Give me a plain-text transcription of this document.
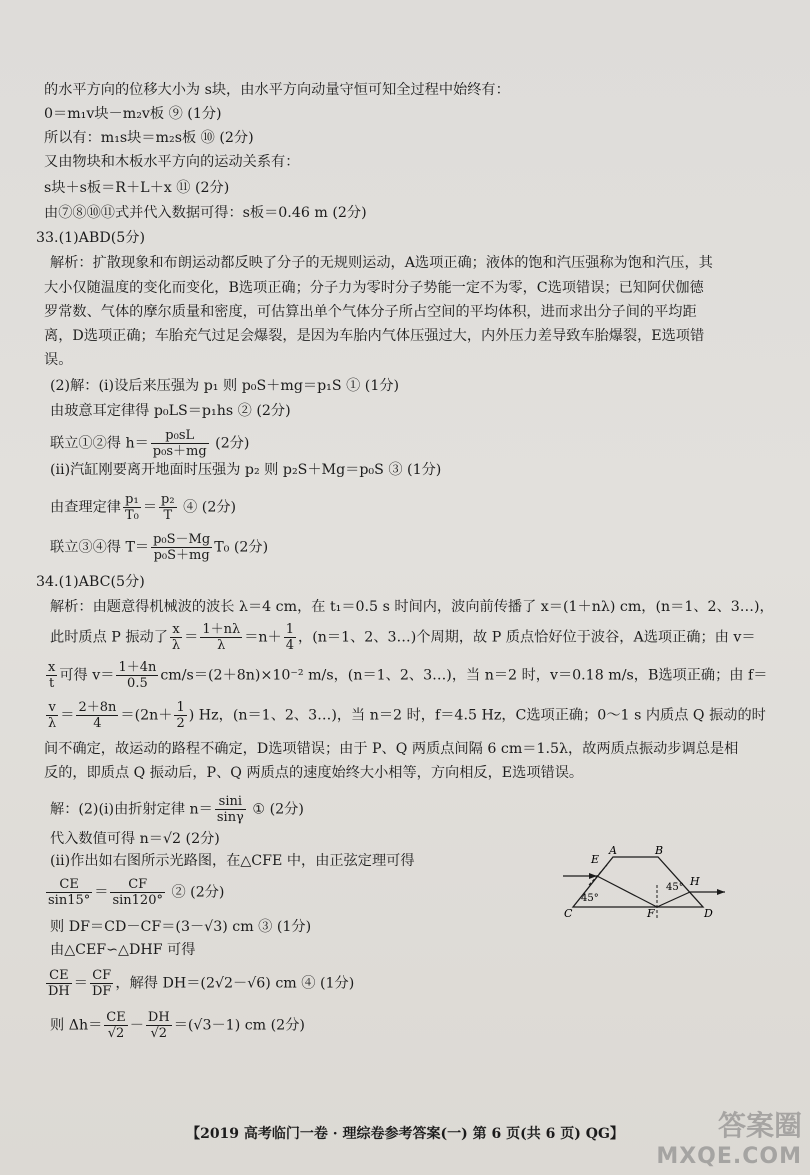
的水平方向的位移大小为 s块，由水平方向动量守恒可知全过程中始终有：
0＝m₁v块－m₂v板 ⑨ (1分)
所以有：m₁s块＝m₂s板 ⑩ (2分)
又由物块和木板水平方向的运动关系有：
s块＋s板＝R＋L＋x ⑪ (2分)
由⑦⑧⑩⑪式并代入数据可得：s板＝0.46 m (2分)
33.(1)ABD(5分)
解析：扩散现象和布朗运动都反映了分子的无规则运动，A选项正确；液体的饱和汽压强称为饱和汽压，其
大小仅随温度的变化而变化，B选项正确；分子力为零时分子势能一定不为零，C选项错误；已知阿伏伽德
罗常数、气体的摩尔质量和密度，可估算出单个气体分子所占空间的平均体积，进而求出分子间的平均距
离，D选项正确；车胎充气过足会爆裂，是因为车胎内气体压强过大，内外压力差导致车胎爆裂，E选项错
误。
(2)解：(ⅰ)设后来压强为 p₁ 则 p₀S＋mg＝p₁S ① (1分)
由玻意耳定律得 p₀LS＝p₁hs ② (2分)
联立①②得 $h= \frac{\text{p₀sL}}{\text{p₀s＋mg}} (2$分)
(ⅱ)汽缸刚要离开地面时压强为 p₂ 则 p₂S＋Mg＝p₀S ③ (1分)
由查理定律 $\frac{\text{p₁}}{\text{T₀}} = \frac{\text{p₂}}{T}$ ④ (2分)
联立③④得 $T= \frac{\text{p₀S－Mg}}{\text{p₀S＋mg}} T_0$ (2分)
34.(1)ABC(5分)
解析：由题意得机械波的波长 λ＝4 cm，在 t₁＝0.5 s 时间内，波向前传播了 x＝(1＋nλ) cm，(n＝1、2、3…)，
此时质点 P 振动了 $\frac{x}{\lambda} = \frac{1+n\lambda}{\lambda} =n+ \frac{1}{4}$ ，(n＝1、2、3…)个周期，故 P 质点恰好位于波谷，A选项正确；由 v＝
$\frac{x}{t}$ 可得 $v= \frac{1+4n}{0.5} cm/s=(2+8n)\times 10^{-2}$ m/s，(n＝1、2、3…)，当 n＝2 时，v＝0.18 m/s，B选项正确；由 f＝
$\frac{v}{\lambda} = \frac{2+8n}{4} =(2n+ \frac{1}{2}$ ) Hz，(n＝1、2、3…)，当 n＝2 时，f＝4.5 Hz，C选项正确；0～1 s 内质点 Q 振动的时
间不确定，故运动的路程不确定，D选项错误；由于 P、Q 两质点间隔 6 cm＝1.5λ，故两质点振动步调总是相
反的，即质点 Q 振动后，P、Q 两质点的速度始终大小相等，方向相反，E选项错误。
解：(2)(ⅰ)由折射定律 $n= \frac{\sin i}{\sin\gamma}$ ① (2分)
代入数值可得 n＝√2 (2分)
(ⅱ)作出如右图所示光路图，在△CFE 中，由正弦定理可得
$\frac{CE}{\sin 15^\circ} = \frac{CF}{\sin 120^\circ}$ ② (2分)
则 DF＝CD－CF＝(3－√3) cm ③ (1分)
由△CEF∽△DHF 可得
$\frac{CE}{DH} = \frac{CF}{DF}$ ，解得 DH＝(2√2－√6) cm ④ (1分)
则 $\Delta h= \frac{CE}{√2} - \frac{DH}{√2} =(√3-1)$ cm (2分)
E
A	B
H
C	F	D
45°
45°
【2019 高考临门一卷 · 理综卷参考答案(一) 第 6 页(共 6 页) QG】	答案圈
MXQE.COM
